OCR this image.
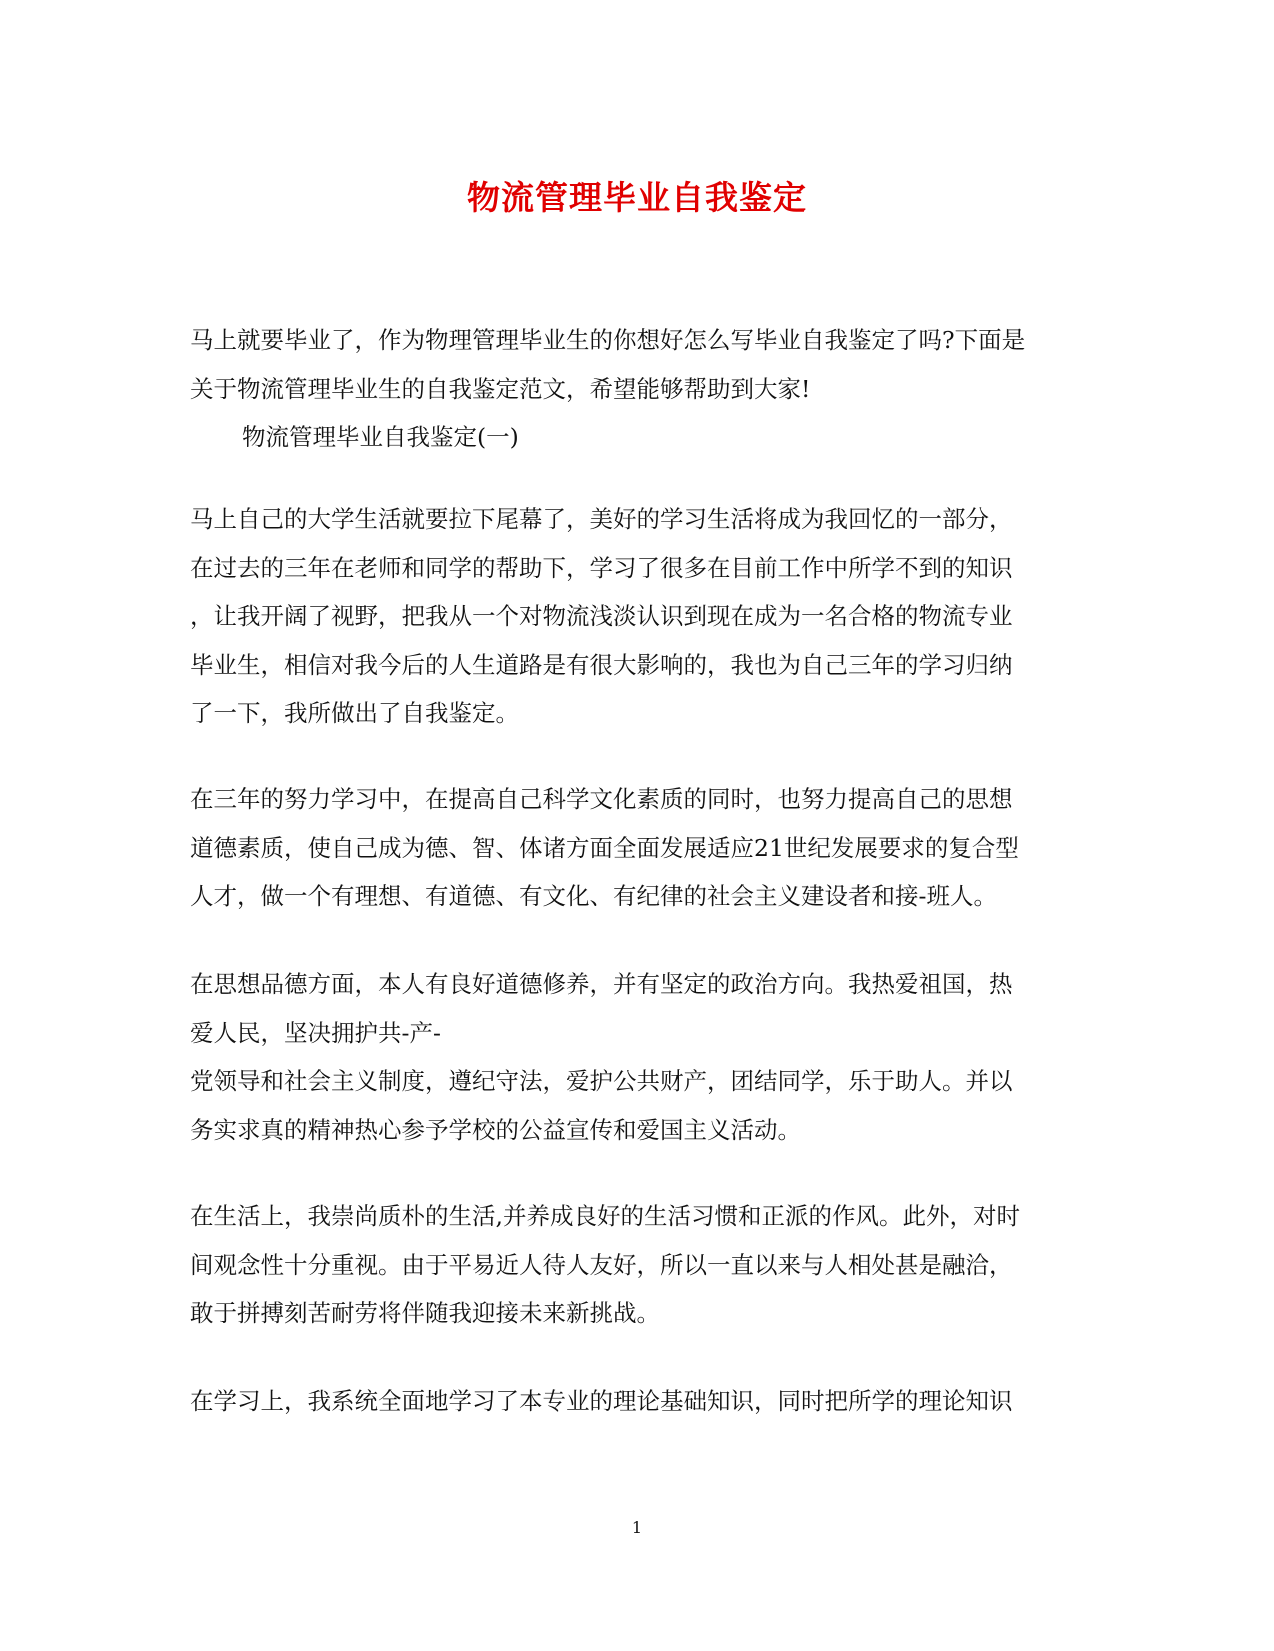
物流管理毕业自我鉴定
马上就要毕业了，作为物理管理毕业生的你想好怎么写毕业自我鉴定了吗?下面是
关于物流管理毕业生的自我鉴定范文，希望能够帮助到大家!
物流管理毕业自我鉴定(一)
马上自己的大学生活就要拉下尾幕了，美好的学习生活将成为我回忆的一部分，
在过去的三年在老师和同学的帮助下，学习了很多在目前工作中所学不到的知识
，让我开阔了视野，把我从一个对物流浅淡认识到现在成为一名合格的物流专业
毕业生，相信对我今后的人生道路是有很大影响的，我也为自己三年的学习归纳
了一下，我所做出了自我鉴定。
在三年的努力学习中，在提高自己科学文化素质的同时，也努力提高自己的思想
道德素质，使自己成为德、智、体诸方面全面发展适应21世纪发展要求的复合型
人才，做一个有理想、有道德、有文化、有纪律的社会主义建设者和接-班人。
在思想品德方面，本人有良好道德修养，并有坚定的政治方向。我热爱祖国，热
爱人民，坚决拥护共-产-
党领导和社会主义制度，遵纪守法，爱护公共财产，团结同学，乐于助人。并以
务实求真的精神热心参予学校的公益宣传和爱国主义活动。
在生活上，我崇尚质朴的生活,并养成良好的生活习惯和正派的作风。此外，对时
间观念性十分重视。由于平易近人待人友好，所以一直以来与人相处甚是融洽，
敢于拼搏刻苦耐劳将伴随我迎接未来新挑战。
在学习上，我系统全面地学习了本专业的理论基础知识，同时把所学的理论知识
1
